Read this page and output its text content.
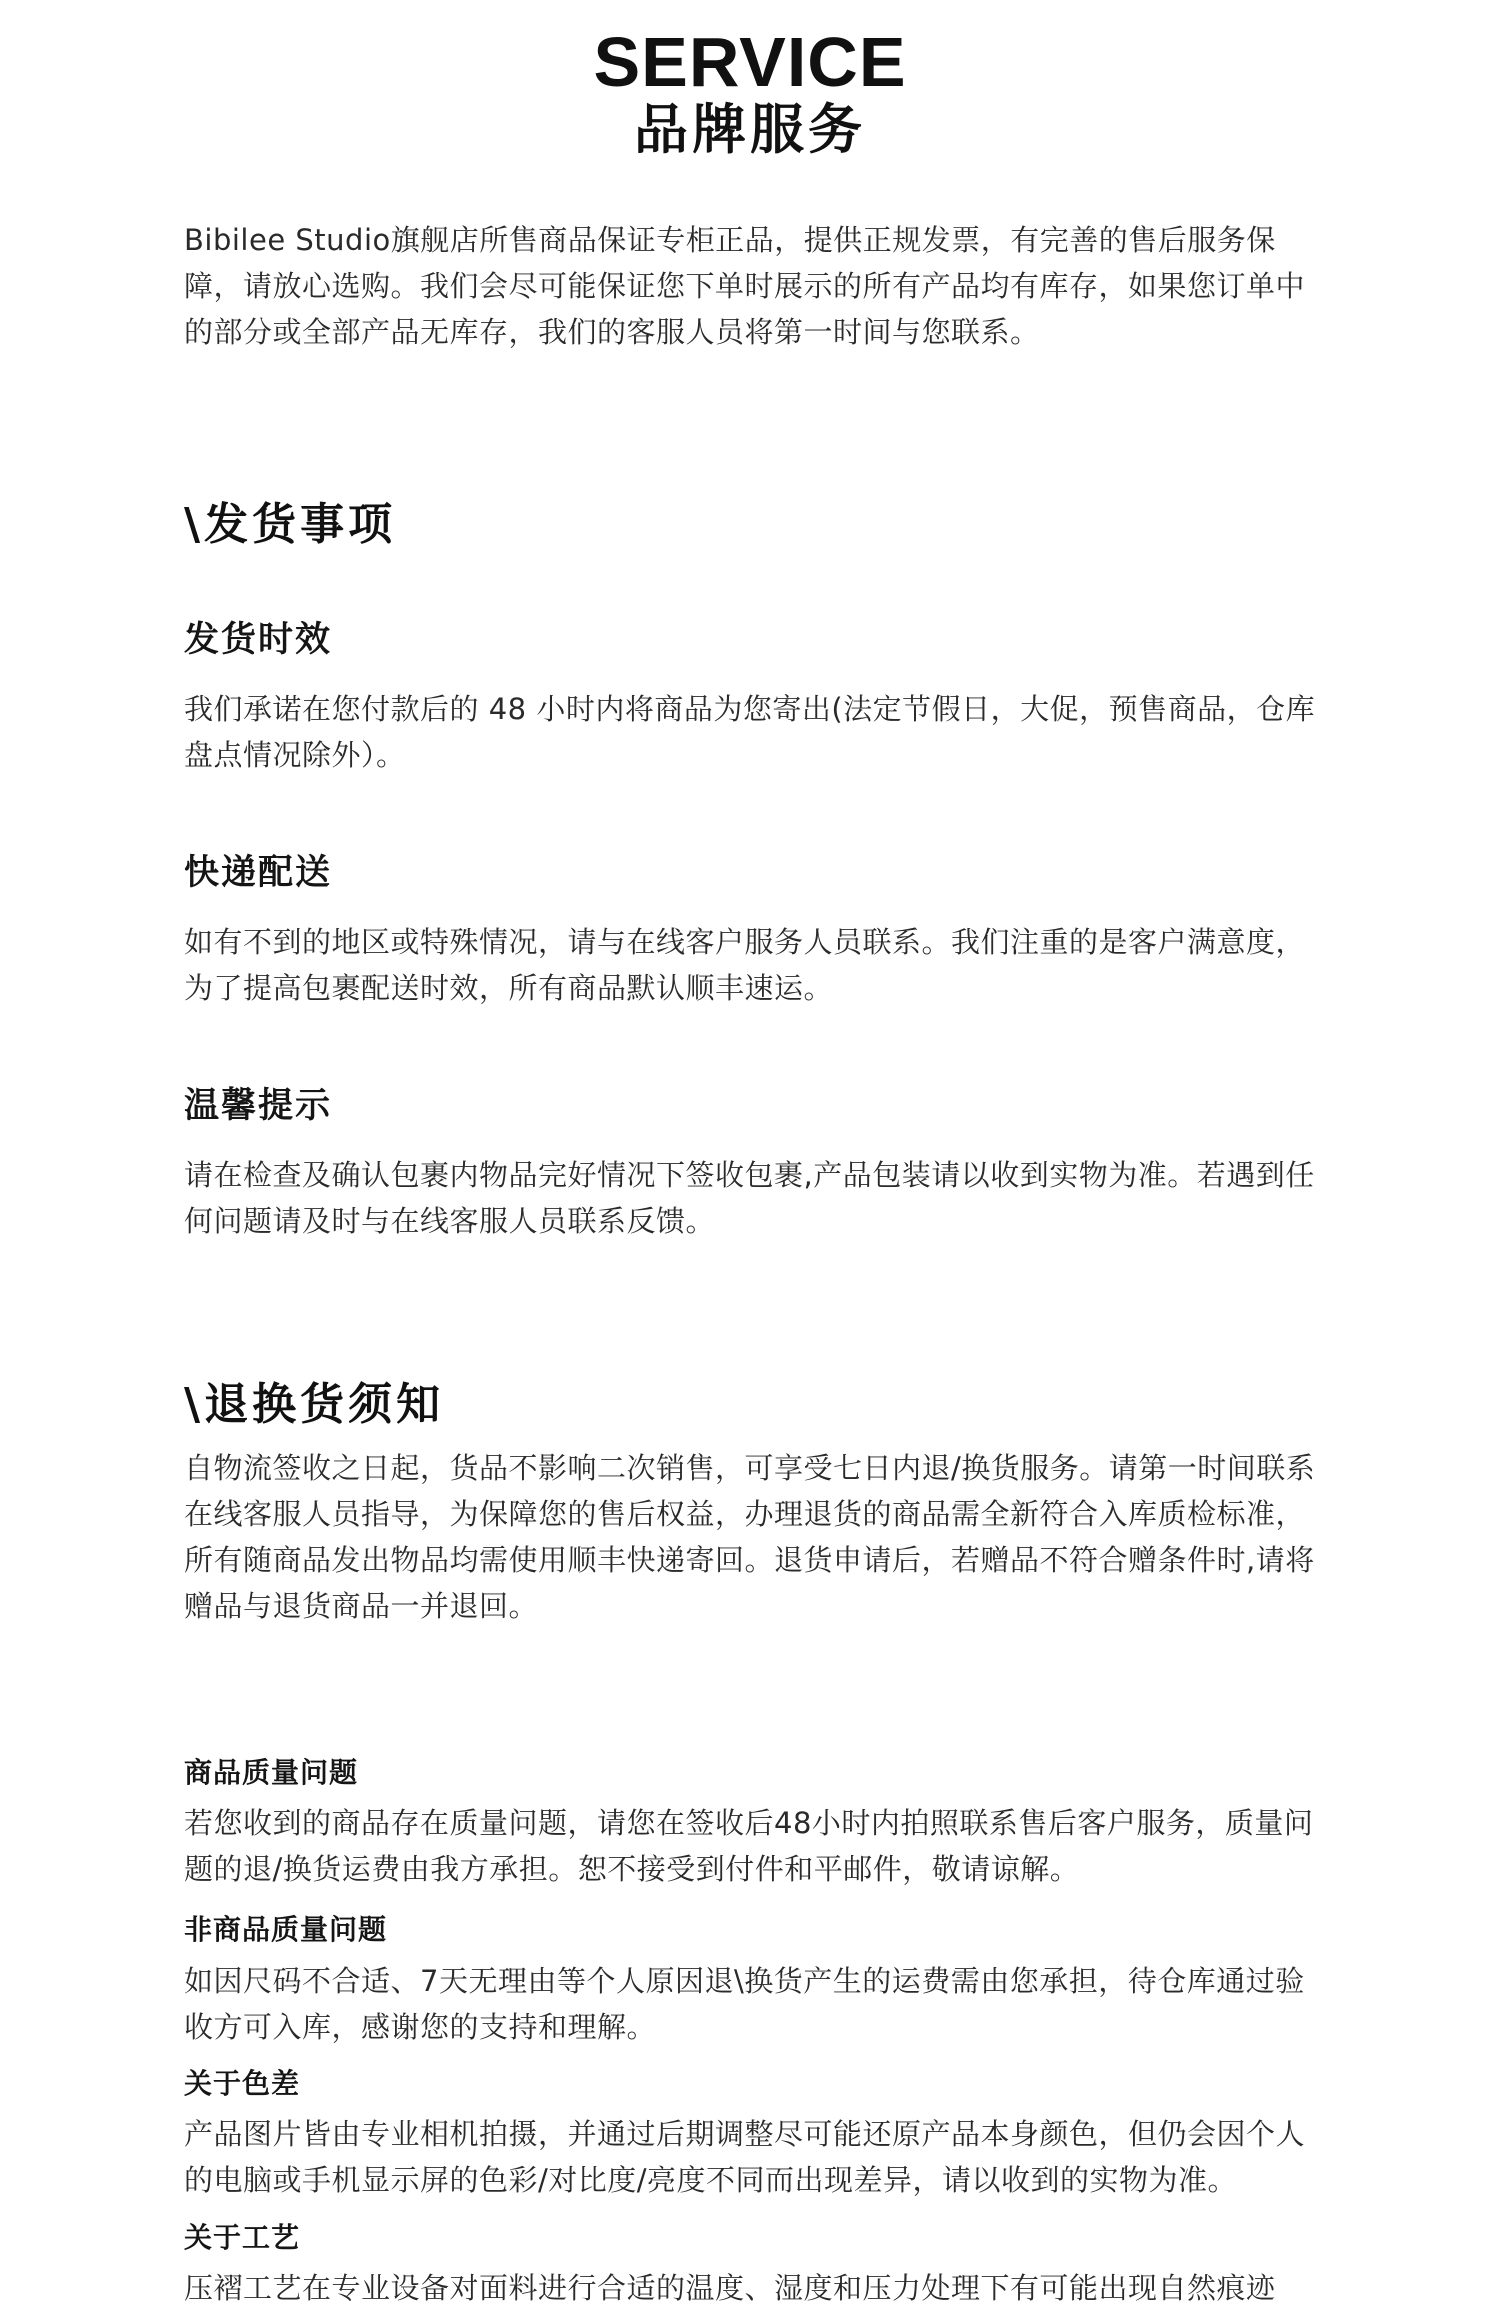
SERVICE
品牌服务
Bibilee Studio旗舰店所售商品保证专柜正品，提供正规发票，有完善的售后服务保障，请放心选购。我们会尽可能保证您下单时展示的所有产品均有库存，如果您订单中的部分或全部产品无库存，我们的客服人员将第一时间与您联系。
\发货事项
发货时效
我们承诺在您付款后的 48 小时内将商品为您寄出(法定节假日，大促，预售商品，仓库盘点情况除外）。
快递配送
如有不到的地区或特殊情况，请与在线客户服务人员联系。我们注重的是客户满意度，为了提高包裹配送时效，所有商品默认顺丰速运。
温馨提示
请在检查及确认包裹内物品完好情况下签收包裹,产品包装请以收到实物为准。若遇到任何问题请及时与在线客服人员联系反馈。
\退换货须知
自物流签收之日起，货品不影响二次销售，可享受七日内退/换货服务。请第一时间联系在线客服人员指导，为保障您的售后权益，办理退货的商品需全新符合入库质检标准，所有随商品发出物品均需使用顺丰快递寄回。退货申请后，若赠品不符合赠条件时,请将赠品与退货商品一并退回。
商品质量问题
若您收到的商品存在质量问题，请您在签收后48小时内拍照联系售后客户服务，质量问题的退/换货运费由我方承担。恕不接受到付件和平邮件，敬请谅解。
非商品质量问题
如因尺码不合适、7天无理由等个人原因退\换货产生的运费需由您承担，待仓库通过验收方可入库，感谢您的支持和理解。
关于色差
产品图片皆由专业相机拍摄，并通过后期调整尽可能还原产品本身颜色，但仍会因个人的电脑或手机显示屏的色彩/对比度/亮度不同而出现差异，请以收到的实物为准。
关于工艺
压褶工艺在专业设备对面料进行合适的温度、湿度和压力处理下有可能出现自然痕迹
